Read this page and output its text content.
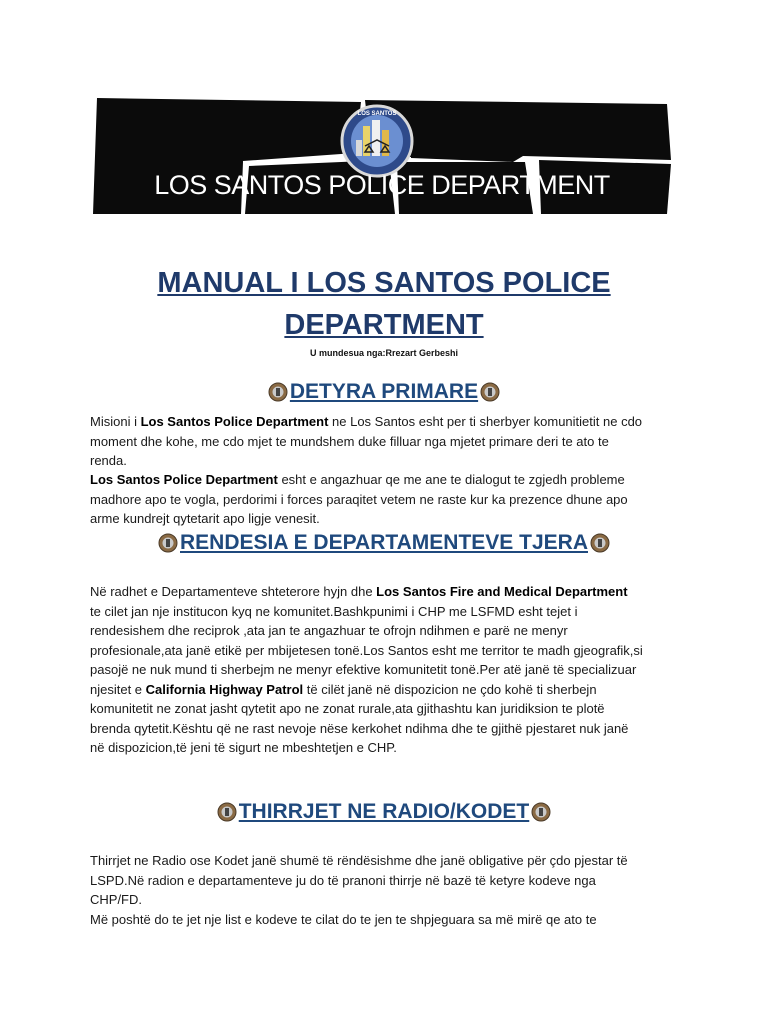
LOS SANTOS
LOS SANTOS POLICE DEPARTMENT
MANUAL I LOS SANTOS POLICE
DEPARTMENT
U mundesua nga:Rrezart Gerbeshi
DETYRA PRIMARE
Misioni i Los Santos Police Department ne Los Santos esht per ti sherbyer komunitietit ne cdo
moment dhe kohe, me cdo mjet te mundshem duke filluar nga mjetet primare deri te ato te
renda.
Los Santos Police Department esht e angazhuar qe me ane te dialogut te zgjedh probleme
madhore apo te vogla, perdorimi i forces paraqitet vetem ne raste kur ka prezence dhune apo
arme kundrejt qytetarit apo ligje venesit.
RENDESIA E DEPARTAMENTEVE TJERA
Në radhet e Departamenteve shteterore hyjn dhe Los Santos Fire and Medical Department
te cilet jan nje institucon kyq ne komunitet.Bashkpunimi i CHP me LSFMD esht tejet i
rendesishem dhe reciprok ,ata jan te angazhuar te ofrojn ndihmen e parë ne menyr
profesionale,ata janë etikë per mbijetesen tonë.Los Santos esht me territor te madh gjeografik,si
pasojë ne nuk mund ti sherbejm ne menyr efektive komunitetit tonë.Per atë janë të specializuar
njesitet e California Highway Patrol të cilët janë në dispozicion ne çdo kohë ti sherbejn
komunitetit ne zonat jasht qytetit apo ne zonat rurale,ata gjithashtu kan juridiksion te plotë
brenda qytetit.Kështu që ne rast nevoje nëse kerkohet ndihma dhe te gjithë pjestaret nuk janë
në dispozicion,të jeni të sigurt ne mbeshtetjen e CHP.
THIRRJET NE RADIO/KODET
Thirrjet ne Radio ose Kodet janë shumë të rëndësishme dhe janë obligative për çdo pjestar të
LSPD.Në radion e departamenteve ju do të pranoni thirrje në bazë të ketyre kodeve nga
CHP/FD.
Më poshtë do te jet nje list e kodeve te cilat do te jen te shpjeguara sa më mirë qe ato te
